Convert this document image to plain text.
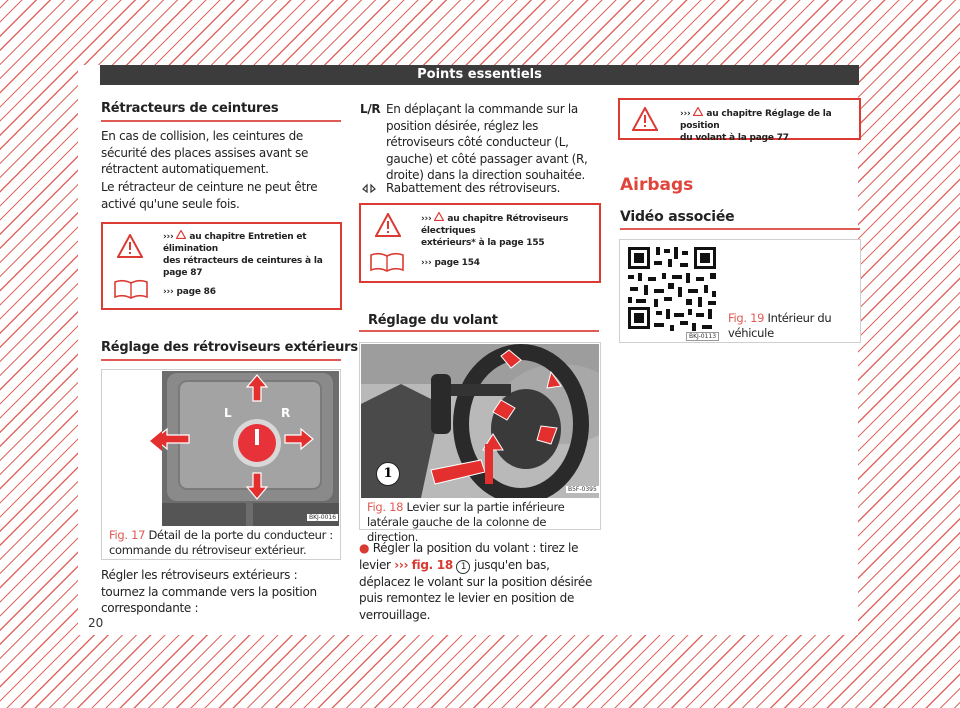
Points essentiels
Rétracteurs de ceintures
En cas de collision, les ceintures de sécurité des places assises avant se rétractent automatiquement.
Le rétracteur de ceinture ne peut être activé qu'une seule fois.
››› au chapitre Entretien et élimination
des rétracteurs de ceintures à la
page 87
››› page 86
Réglage des rétroviseurs extérieurs
L	R
BKJ-0016
Fig. 17 Détail de la porte du conducteur : commande du rétroviseur extérieur.
Régler les rétroviseurs extérieurs : tournez la commande vers la position correspondante :
L/R En déplaçant la commande sur la position désirée, réglez les rétroviseurs côté conducteur (L, gauche) et côté passager avant (R, droite) dans la direction souhaitée.
Rabattement des rétroviseurs.
››› au chapitre Rétroviseurs électriques
extérieurs* à la page 155
››› page 154
Réglage du volant
1
B5F-0395
Fig. 18 Levier sur la partie inférieure latérale gauche de la colonne de direction.
● Régler la position du volant : tirez le levier ››› fig. 18 1 jusqu'en bas, déplacez le volant sur la position désirée puis remontez le levier en position de verrouillage.
››› au chapitre Réglage de la position
du volant à la page 77
Airbags
Vidéo associée
BKJ-0113
Fig. 19 Intérieur du véhicule
20
